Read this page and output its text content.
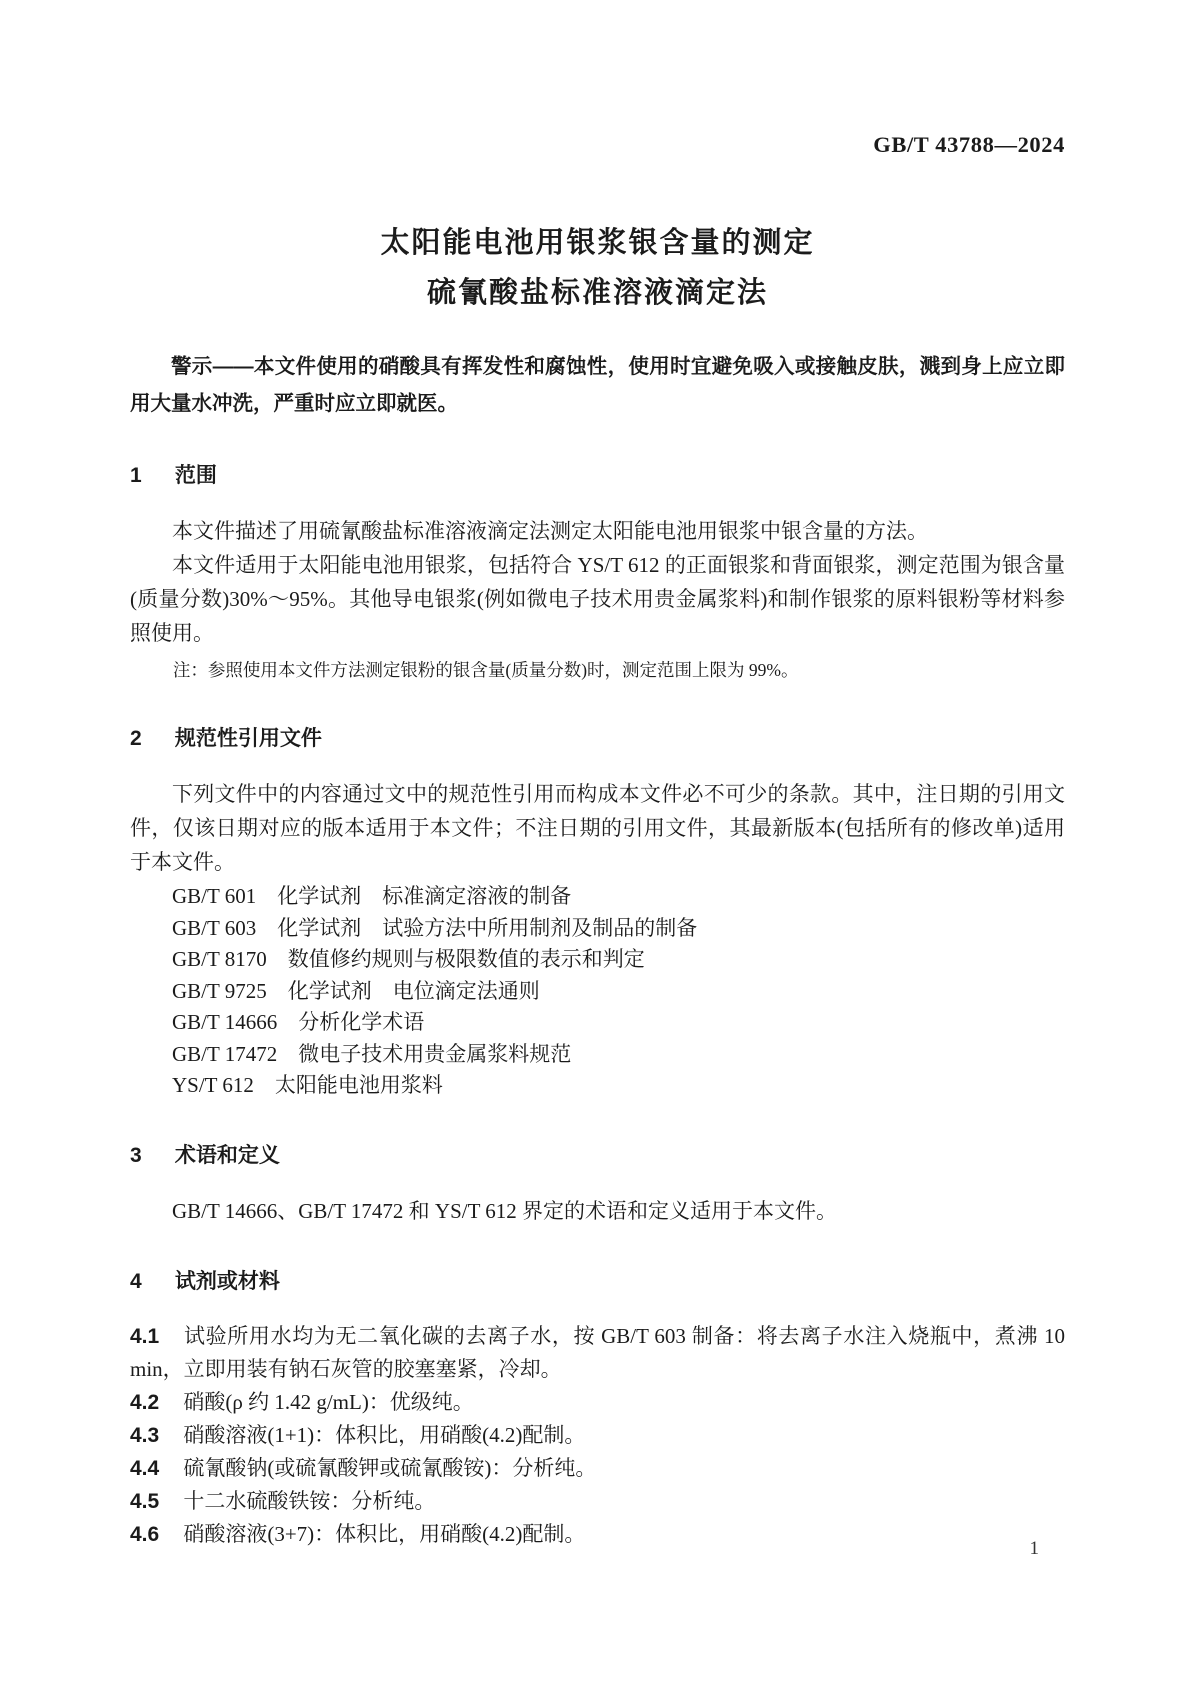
GB/T 43788—2024
太阳能电池用银浆银含量的测定
硫氰酸盐标准溶液滴定法

警示——本文件使用的硝酸具有挥发性和腐蚀性，使用时宜避免吸入或接触皮肤，溅到身上应立即用大量水冲洗，严重时应立即就医。

1 范围

本文件描述了用硫氰酸盐标准溶液滴定法测定太阳能电池用银浆中银含量的方法。

本文件适用于太阳能电池用银浆，包括符合 YS/T 612 的正面银浆和背面银浆，测定范围为银含量(质量分数)30%～95%。其他导电银浆(例如微电子技术用贵金属浆料)和制作银浆的原料银粉等材料参照使用。

注：参照使用本文件方法测定银粉的银含量(质量分数)时，测定范围上限为 99%。

2 规范性引用文件

下列文件中的内容通过文中的规范性引用而构成本文件必不可少的条款。其中，注日期的引用文件，仅该日期对应的版本适用于本文件；不注日期的引用文件，其最新版本(包括所有的修改单)适用于本文件。

GB/T 601　化学试剂　标准滴定溶液的制备
GB/T 603　化学试剂　试验方法中所用制剂及制品的制备
GB/T 8170　数值修约规则与极限数值的表示和判定
GB/T 9725　化学试剂　电位滴定法通则
GB/T 14666　分析化学术语
GB/T 17472　微电子技术用贵金属浆料规范
YS/T 612　太阳能电池用浆料
3 术语和定义

GB/T 14666、GB/T 17472 和 YS/T 612 界定的术语和定义适用于本文件。

4 试剂或材料

4.1 试验所用水均为无二氧化碳的去离子水，按 GB/T 603 制备：将去离子水注入烧瓶中，煮沸 10 min，立即用装有钠石灰管的胶塞塞紧，冷却。

4.2 硝酸(ρ 约 1.42 g/mL)：优级纯。

4.3 硝酸溶液(1+1)：体积比，用硝酸(4.2)配制。

4.4 硫氰酸钠(或硫氰酸钾或硫氰酸铵)：分析纯。

4.5 十二水硫酸铁铵：分析纯。

4.6 硝酸溶液(3+7)：体积比，用硝酸(4.2)配制。

1
